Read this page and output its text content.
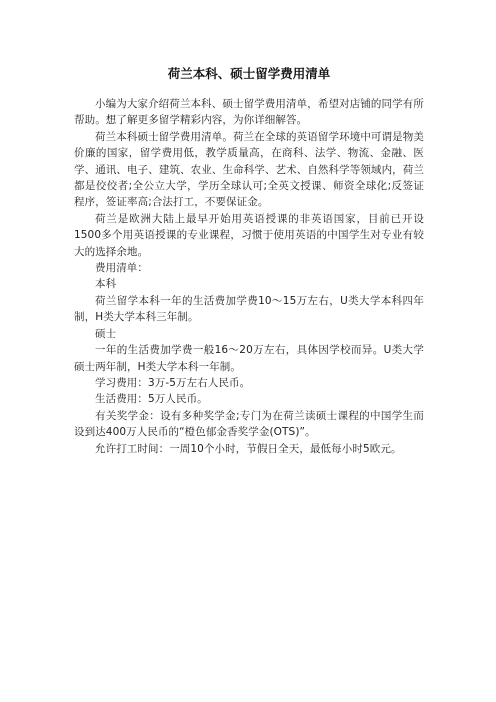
荷兰本科、硕士留学费用清单

小编为大家介绍荷兰本科、硕士留学费用清单，希望对店铺的同学有所帮助。想了解更多留学精彩内容，为你详细解答。

荷兰本科硕士留学费用清单。荷兰在全球的英语留学环境中可谓是物美价廉的国家，留学费用低，教学质量高，在商科、法学、物流、金融、医学、通讯、电子、建筑、农业、生命科学、艺术、自然科学等领域内，荷兰都是佼佼者;全公立大学，学历全球认可;全英文授课、师资全球化;反签证程序，签证率高;合法打工，不要保证金。

荷兰是欧洲大陆上最早开始用英语授课的非英语国家，目前已开设1500多个用英语授课的专业课程，习惯于使用英语的中国学生对专业有较大的选择余地。

费用清单：

本科

荷兰留学本科一年的生活费加学费10～15万左右，U类大学本科四年制，H类大学本科三年制。

硕士

一年的生活费加学费一般16～20万左右，具体因学校而异。U类大学硕士两年制，H类大学本科一年制。

学习费用：3万-5万左右人民币。

生活费用：5万人民币。

有关奖学金：设有多种奖学金;专门为在荷兰读硕士课程的中国学生而设到达400万人民币的“橙色郁金香奖学金(OTS)”。

允许打工时间：一周10个小时，节假日全天，最低每小时5欧元。
